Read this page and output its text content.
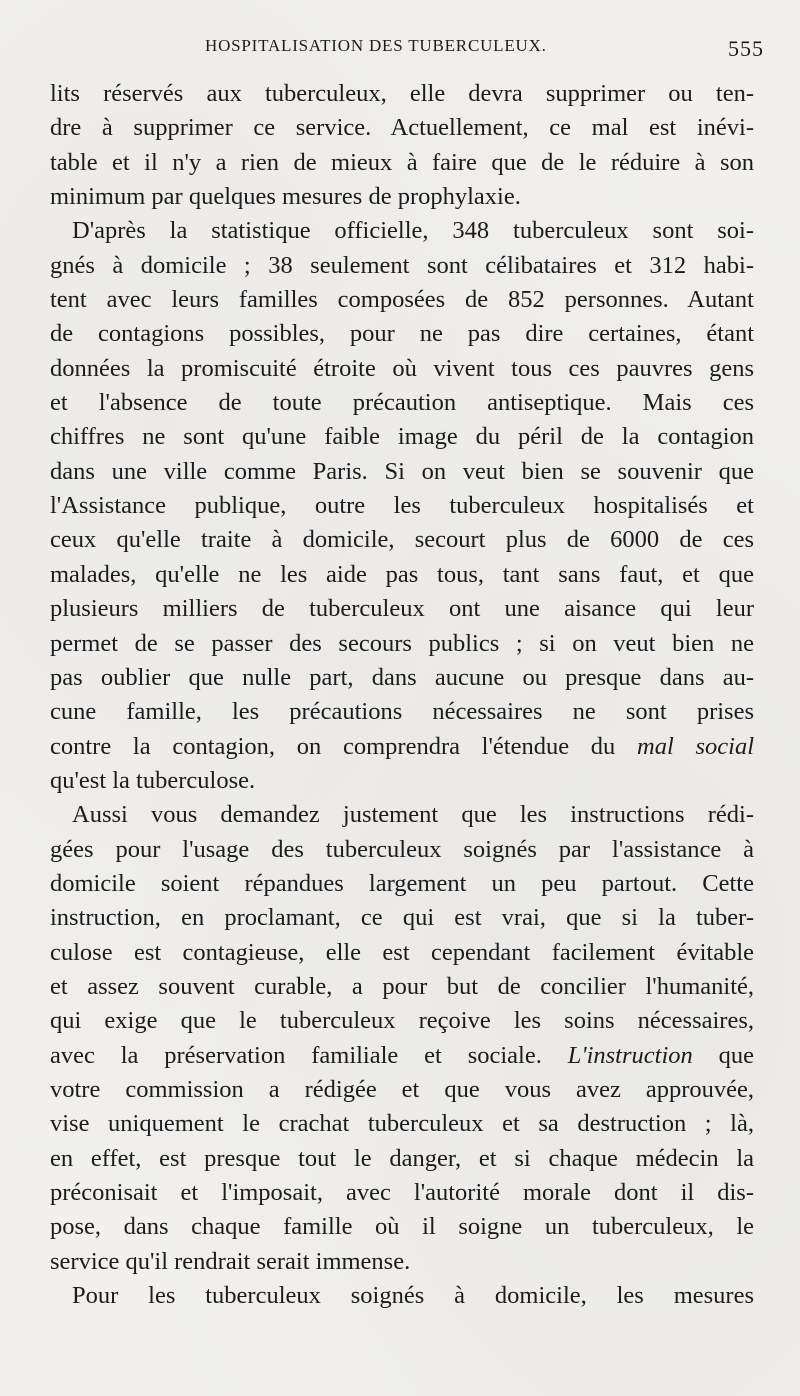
HOSPITALISATION DES TUBERCULEUX.	555
lits réservés aux tuberculeux, elle devra supprimer ou ten-
dre à supprimer ce service. Actuellement, ce mal est inévi-
table et il n'y a rien de mieux à faire que de le réduire à son
minimum par quelques mesures de prophylaxie.
D'après la statistique officielle, 348 tuberculeux sont soi-
gnés à domicile ; 38 seulement sont célibataires et 312 habi-
tent avec leurs familles composées de 852 personnes. Autant
de contagions possibles, pour ne pas dire certaines, étant
données la promiscuité étroite où vivent tous ces pauvres gens
et l'absence de toute précaution antiseptique. Mais ces
chiffres ne sont qu'une faible image du péril de la contagion
dans une ville comme Paris. Si on veut bien se souvenir que
l'Assistance publique, outre les tuberculeux hospitalisés et
ceux qu'elle traite à domicile, secourt plus de 6000 de ces
malades, qu'elle ne les aide pas tous, tant sans faut, et que
plusieurs milliers de tuberculeux ont une aisance qui leur
permet de se passer des secours publics ; si on veut bien ne
pas oublier que nulle part, dans aucune ou presque dans au-
cune famille, les précautions nécessaires ne sont prises
contre la contagion, on comprendra l'étendue du mal social
qu'est la tuberculose.
Aussi vous demandez justement que les instructions rédi-
gées pour l'usage des tuberculeux soignés par l'assistance à
domicile soient répandues largement un peu partout. Cette
instruction, en proclamant, ce qui est vrai, que si la tuber-
culose est contagieuse, elle est cependant facilement évitable
et assez souvent curable, a pour but de concilier l'humanité,
qui exige que le tuberculeux reçoive les soins nécessaires,
avec la préservation familiale et sociale. L'instruction que
votre commission a rédigée et que vous avez approuvée,
vise uniquement le crachat tuberculeux et sa destruction ; là,
en effet, est presque tout le danger, et si chaque médecin la
préconisait et l'imposait, avec l'autorité morale dont il dis-
pose, dans chaque famille où il soigne un tuberculeux, le
service qu'il rendrait serait immense.
Pour les tuberculeux soignés à domicile, les mesures
